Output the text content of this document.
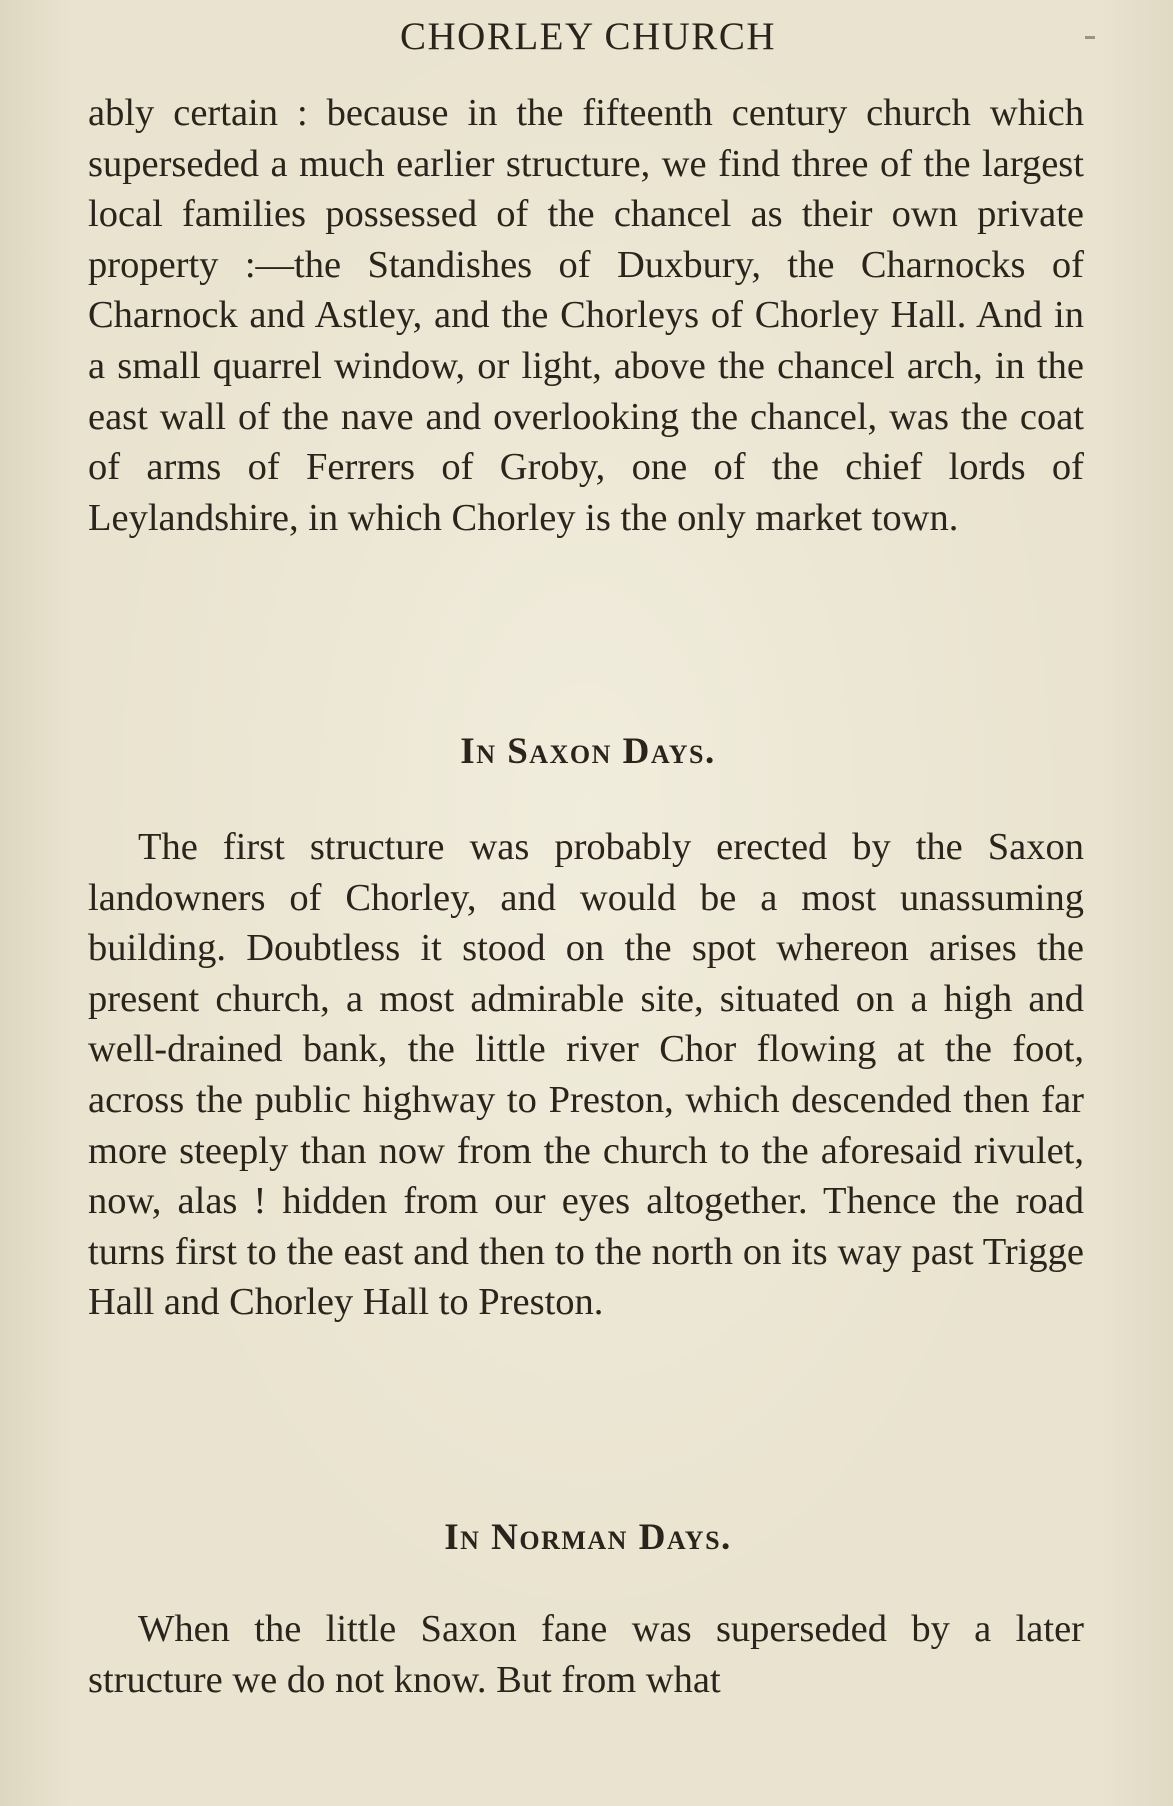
CHORLEY CHURCH

ably certain : because in the fifteenth century church which superseded a much earlier structure, we find three of the largest local families possessed of the chancel as their own private property :—the Standishes of Duxbury, the Charnocks of Charnock and Astley, and the Chorleys of Chorley Hall. And in a small quarrel window, or light, above the chancel arch, in the east wall of the nave and overlooking the chancel, was the coat of arms of Ferrers of Groby, one of the chief lords of Leylandshire, in which Chorley is the only market town.

In Saxon Days.

The first structure was probably erected by the Saxon landowners of Chorley, and would be a most unassuming building. Doubtless it stood on the spot whereon arises the present church, a most admirable site, situated on a high and well-drained bank, the little river Chor flowing at the foot, across the public highway to Preston, which descended then far more steeply than now from the church to the aforesaid rivulet, now, alas ! hidden from our eyes altogether. Thence the road turns first to the east and then to the north on its way past Trigge Hall and Chorley Hall to Preston.

In Norman Days.

When the little Saxon fane was superseded by a later structure we do not know. But from what
